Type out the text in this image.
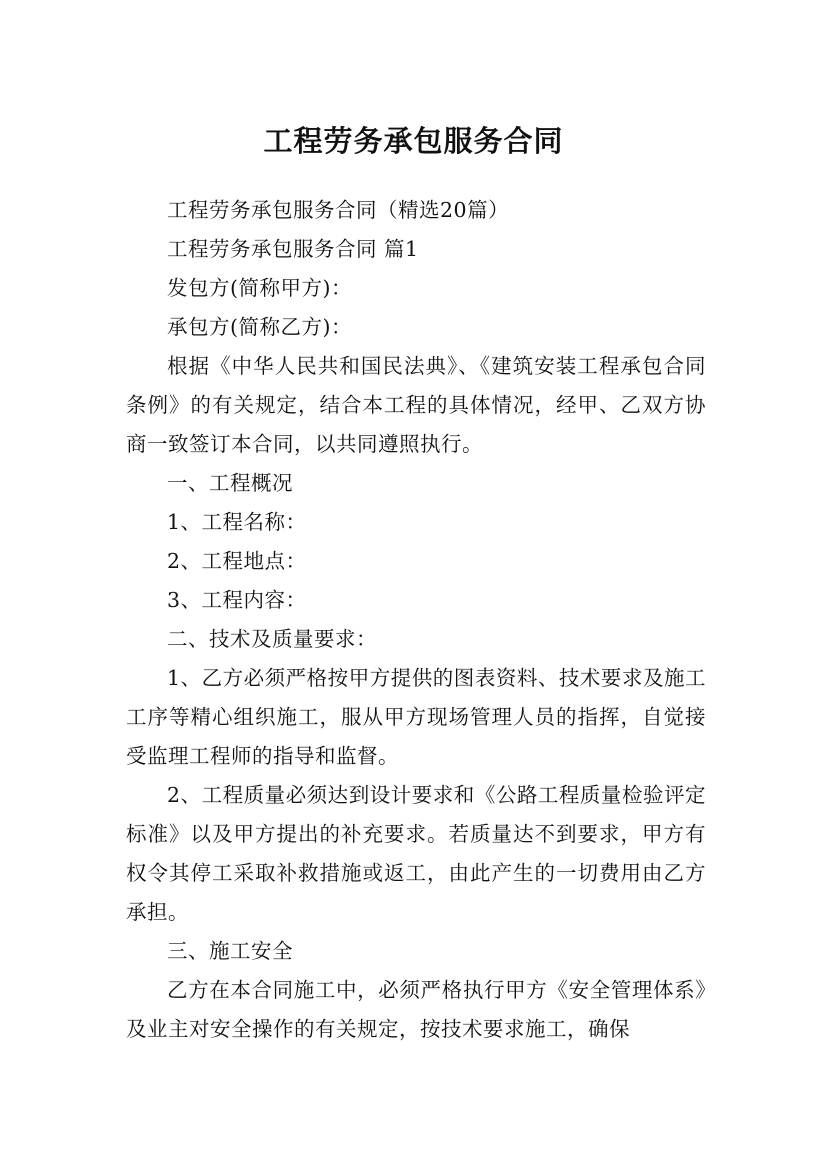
工程劳务承包服务合同

工程劳务承包服务合同（精选20篇）

工程劳务承包服务合同 篇1

发包方(简称甲方)：

承包方(简称乙方)：

根据《中华人民共和国民法典》、《建筑安装工程承包合同条例》的有关规定，结合本工程的具体情况，经甲、乙双方协商一致签订本合同，以共同遵照执行。

一、工程概况

1、工程名称：

2、工程地点：

3、工程内容：

二、技术及质量要求：

1、乙方必须严格按甲方提供的图表资料、技术要求及施工工序等精心组织施工，服从甲方现场管理人员的指挥，自觉接受监理工程师的指导和监督。

2、工程质量必须达到设计要求和《公路工程质量检验评定标准》以及甲方提出的补充要求。若质量达不到要求，甲方有权令其停工采取补救措施或返工，由此产生的一切费用由乙方承担。

三、施工安全

乙方在本合同施工中，必须严格执行甲方《安全管理体系》及业主对安全操作的有关规定，按技术要求施工，确保
